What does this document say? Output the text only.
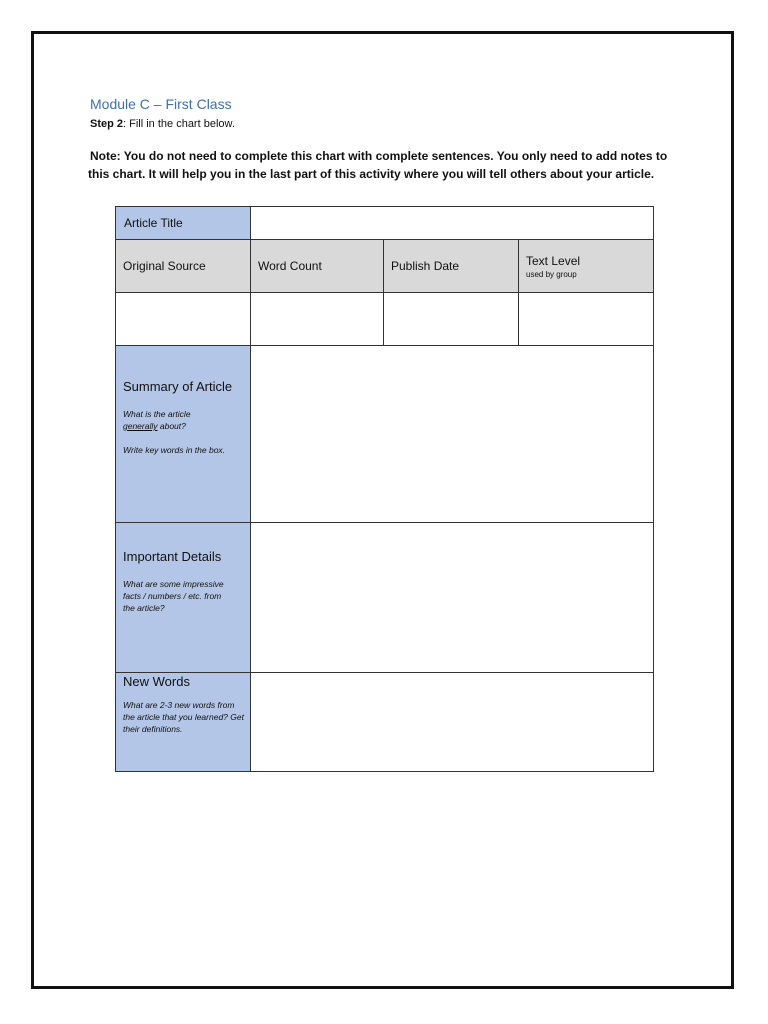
Module C – First Class
Step 2: Fill in the chart below.
Note: You do not need to complete this chart with complete sentences. You only need to add notes to
this chart. It will help you in the last part of this activity where you will tell others about your article.
Article Title			
Original Source	Word Count	Publish Date	Text Level
used by group

Summary of Article
What is the article
generally about?
Write key words in the box.			

Important Details
What are some impressive facts / numbers / etc. from the article?			

New Words
What are 2-3 new words from the article that you learned? Get their definitions.			
